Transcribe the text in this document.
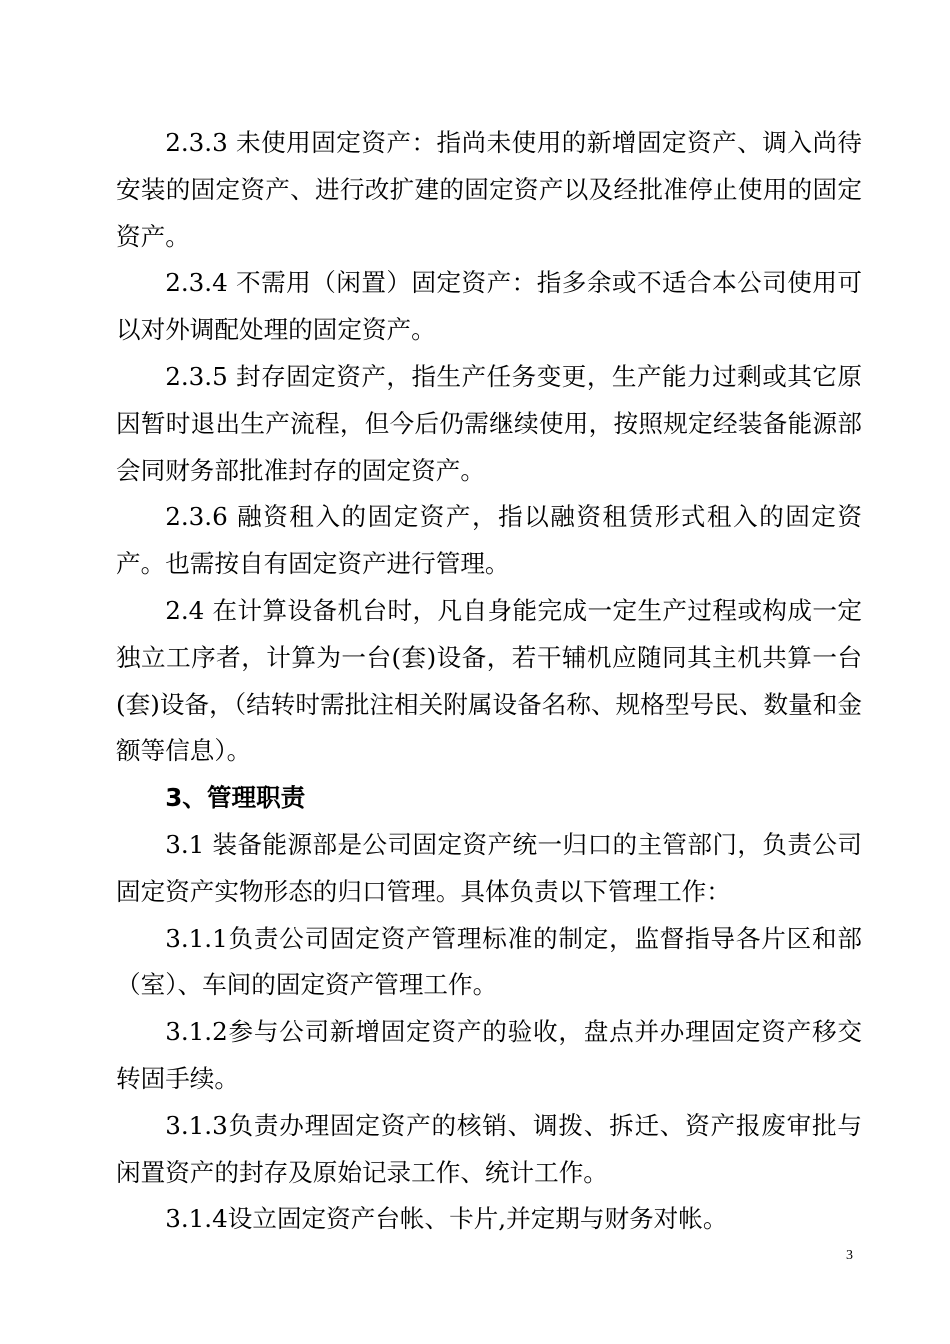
2.3.3 未使用固定资产：指尚未使用的新增固定资产、调入尚待安装的固定资产、进行改扩建的固定资产以及经批准停止使用的固定资产。

2.3.4 不需用（闲置）固定资产：指多余或不适合本公司使用可以对外调配处理的固定资产。

2.3.5 封存固定资产，指生产任务变更，生产能力过剩或其它原因暂时退出生产流程，但今后仍需继续使用，按照规定经装备能源部会同财务部批准封存的固定资产。

2.3.6 融资租入的固定资产，指以融资租赁形式租入的固定资产。也需按自有固定资产进行管理。

2.4 在计算设备机台时，凡自身能完成一定生产过程或构成一定独立工序者，计算为一台(套)设备，若干辅机应随同其主机共算一台(套)设备，（结转时需批注相关附属设备名称、规格型号民、数量和金额等信息）。

3、管理职责

3.1 装备能源部是公司固定资产统一归口的主管部门，负责公司固定资产实物形态的归口管理。具体负责以下管理工作：

3.1.1负责公司固定资产管理标准的制定，监督指导各片区和部（室）、车间的固定资产管理工作。

3.1.2参与公司新增固定资产的验收，盘点并办理固定资产移交转固手续。

3.1.3负责办理固定资产的核销、调拨、拆迁、资产报废审批与闲置资产的封存及原始记录工作、统计工作。

3.1.4设立固定资产台帐、卡片,并定期与财务对帐。

3
